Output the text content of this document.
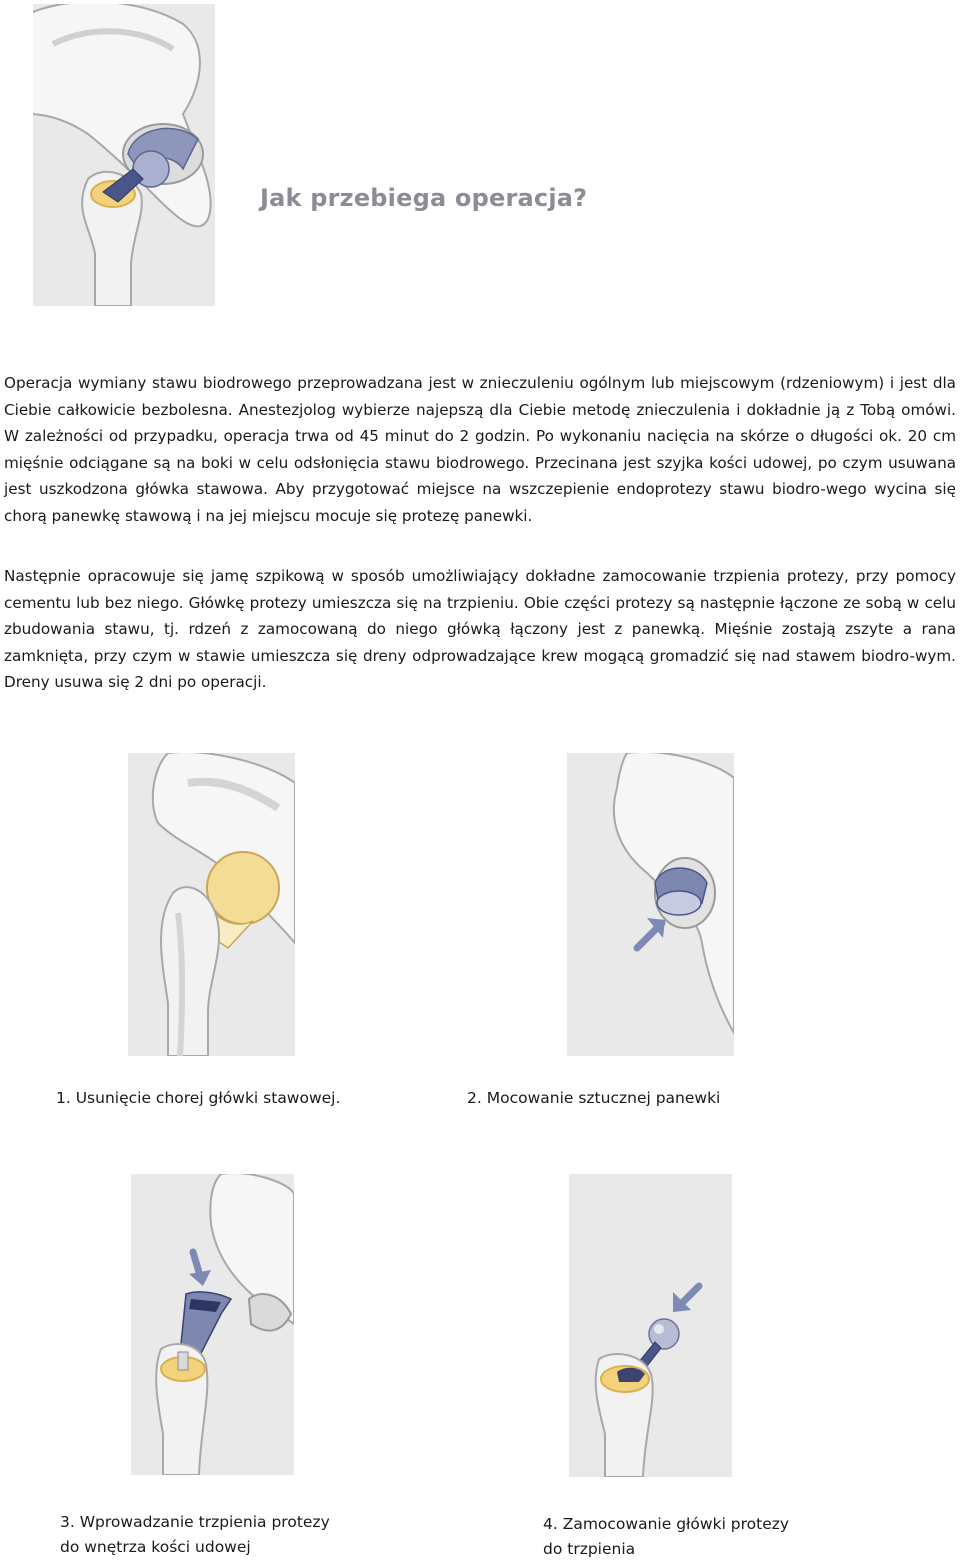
Jak przebiega operacja?

Operacja wymiany stawu biodrowego przeprowadzana jest w znieczuleniu ogólnym lub miejscowym (rdzeniowym) i jest dla Ciebie całkowicie bezbolesna. Anestezjolog wybierze najepszą dla Ciebie metodę znieczulenia i dokładnie ją z Tobą omówi. W zależności od przypadku, operacja trwa od 45 minut do 2 godzin. Po wykonaniu nacięcia na skórze o długości ok. 20 cm mięśnie odciągane są na boki w celu odsłonięcia stawu biodrowego. Przecinana jest szyjka kości udowej, po czym usuwana jest uszkodzona główka stawowa. Aby przygotować miejsce na wszczepienie endoprotezy stawu biodro-wego wycina się chorą panewkę stawową i na jej miejscu mocuje się protezę panewki.

Następnie opracowuje się jamę szpikową w sposób umożliwiający dokładne zamocowanie trzpienia protezy, przy pomocy cementu lub bez niego. Główkę protezy umieszcza się na trzpieniu. Obie części protezy są następnie łączone ze sobą w celu zbudowania stawu, tj. rdzeń z zamocowaną do niego główką łączony jest z panewką. Mięśnie zostają zszyte a rana zamknięta, przy czym w stawie umieszcza się dreny odprowadzające krew mogącą gromadzić się nad stawem biodro-wym. Dreny usuwa się 2 dni po operacji.

1. Usunięcie chorej główki stawowej.	2. Mocowanie sztucznej panewki

3. Wprowadzanie trzpienia protezy
do wnętrza kości udowej

4. Zamocowanie główki protezy
do trzpienia
